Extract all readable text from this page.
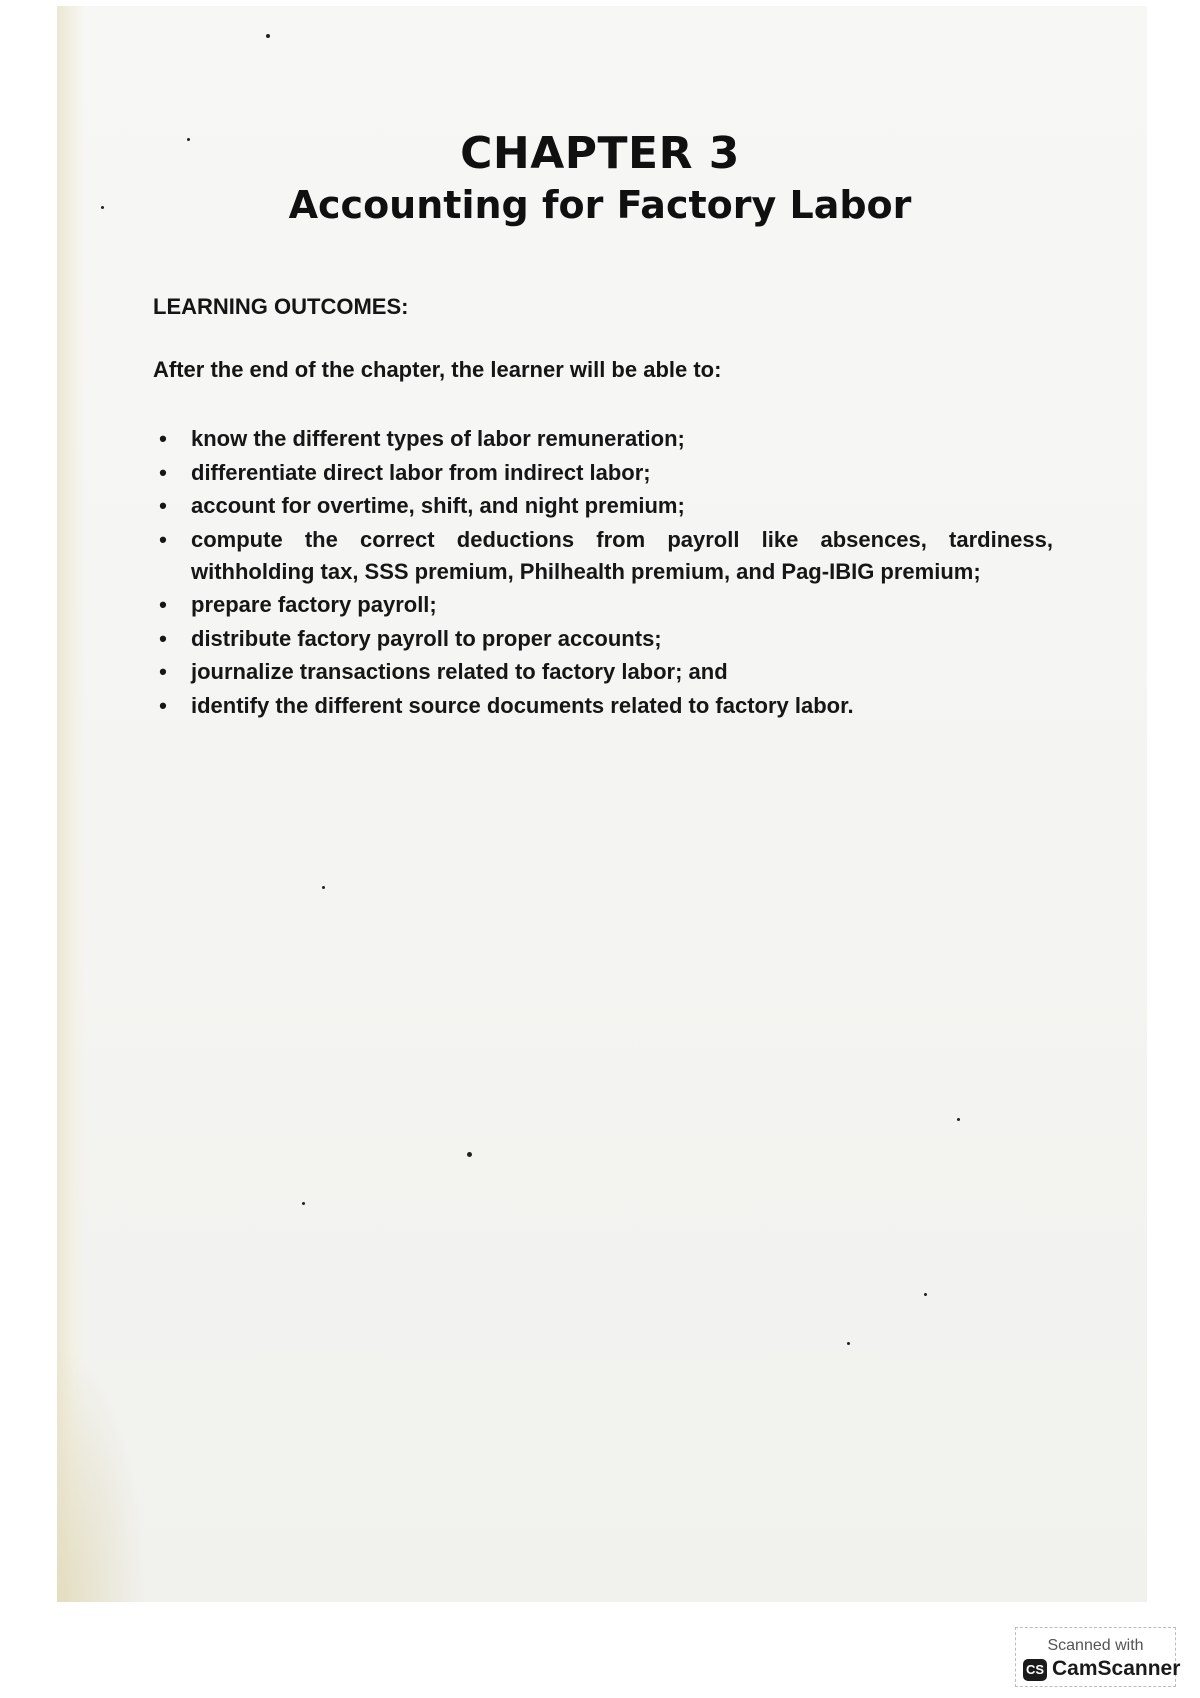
CHAPTER 3
Accounting for Factory Labor
LEARNING OUTCOMES:
After the end of the chapter, the learner will be able to:
• know the different types of labor remuneration;
• differentiate direct labor from indirect labor;
• account for overtime, shift, and night premium;
• compute the correct deductions from payroll like absences, tardiness, withholding tax, SSS premium, Philhealth premium, and Pag-IBIG premium;
• prepare factory payroll;
• distribute factory payroll to proper accounts;
• journalize transactions related to factory labor; and
• identify the different source documents related to factory labor.
Scanned with
CS CamScanner
